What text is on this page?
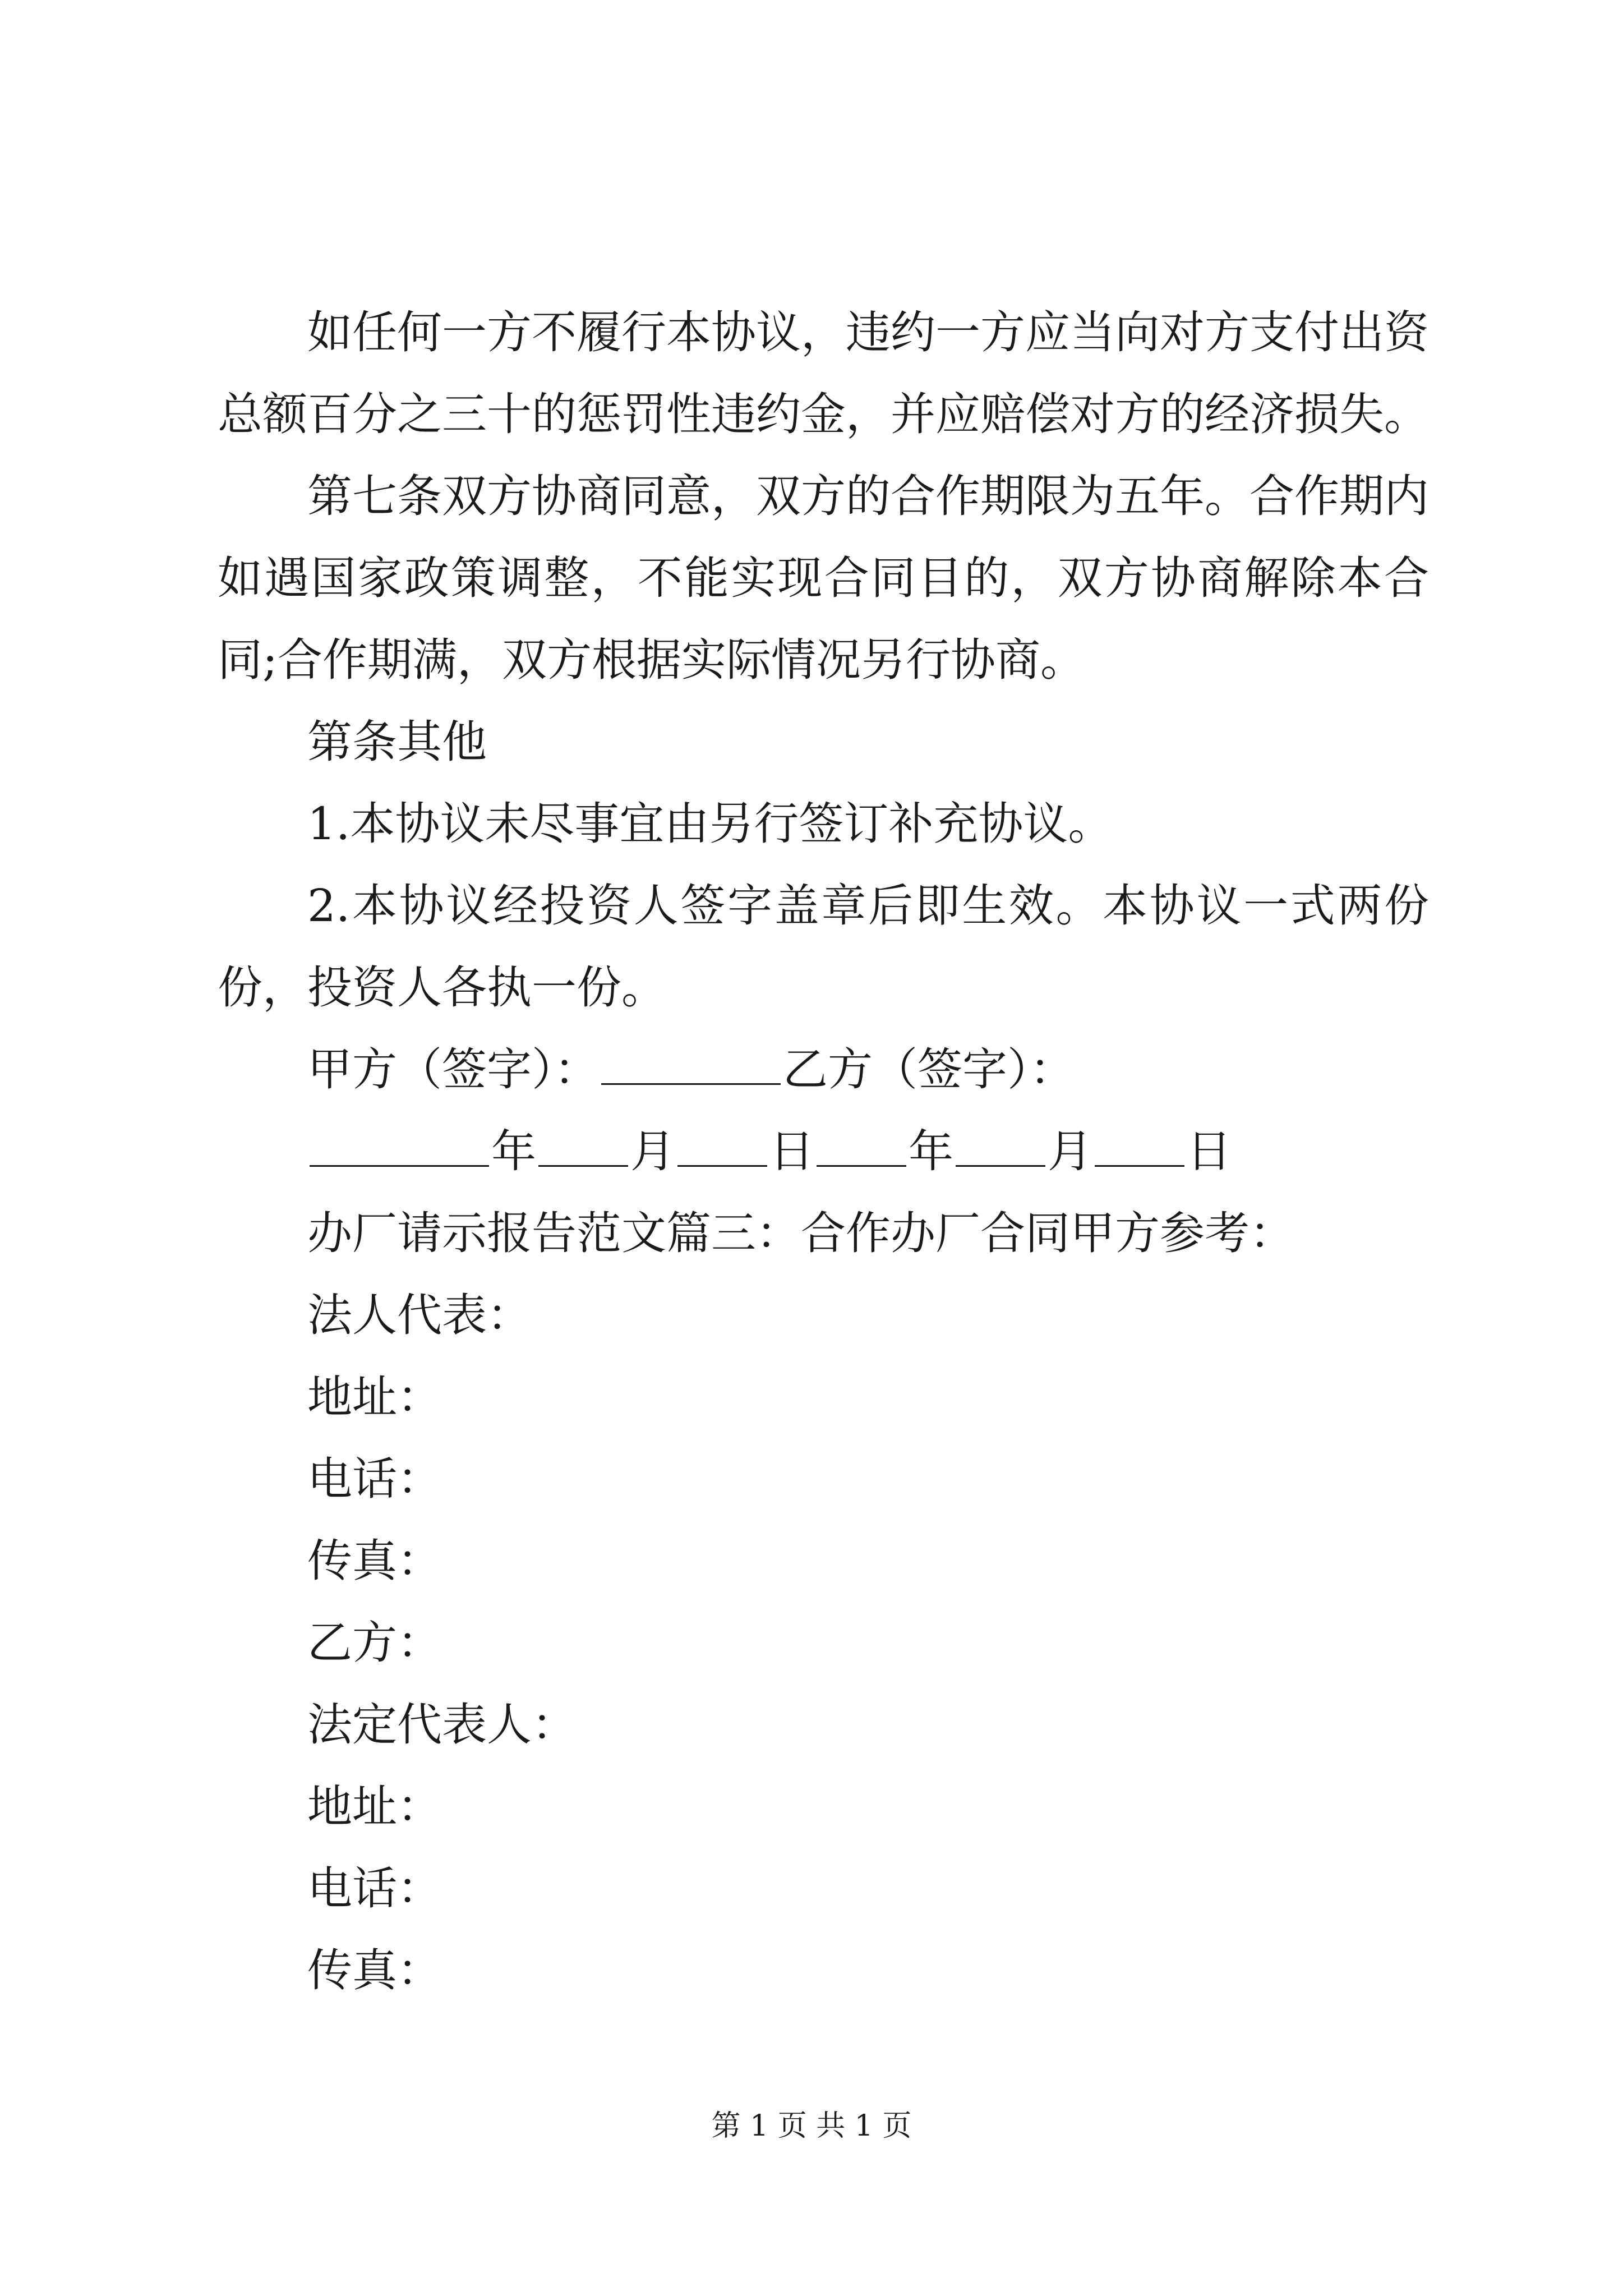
如任何一方不履行本协议，违约一方应当向对方支付出资总额百分之三十的惩罚性违约金，并应赔偿对方的经济损失。

第七条双方协商同意，双方的合作期限为五年。合作期内如遇国家政策调整，不能实现合同目的，双方协商解除本合同;合作期满，双方根据实际情况另行协商。

第条其他

1.本协议未尽事宜由另行签订补充协议。

2.本协议经投资人签字盖章后即生效。本协议一式两份份，投资人各执一份。

甲方（签字）：	乙方（签字）：

年 月 日 年 月 日

办厂请示报告范文篇三：合作办厂合同甲方参考：

法人代表：

地址：

电话：

传真：

乙方：

法定代表人：

地址：

电话：

传真：

第 1 页 共 1 页
